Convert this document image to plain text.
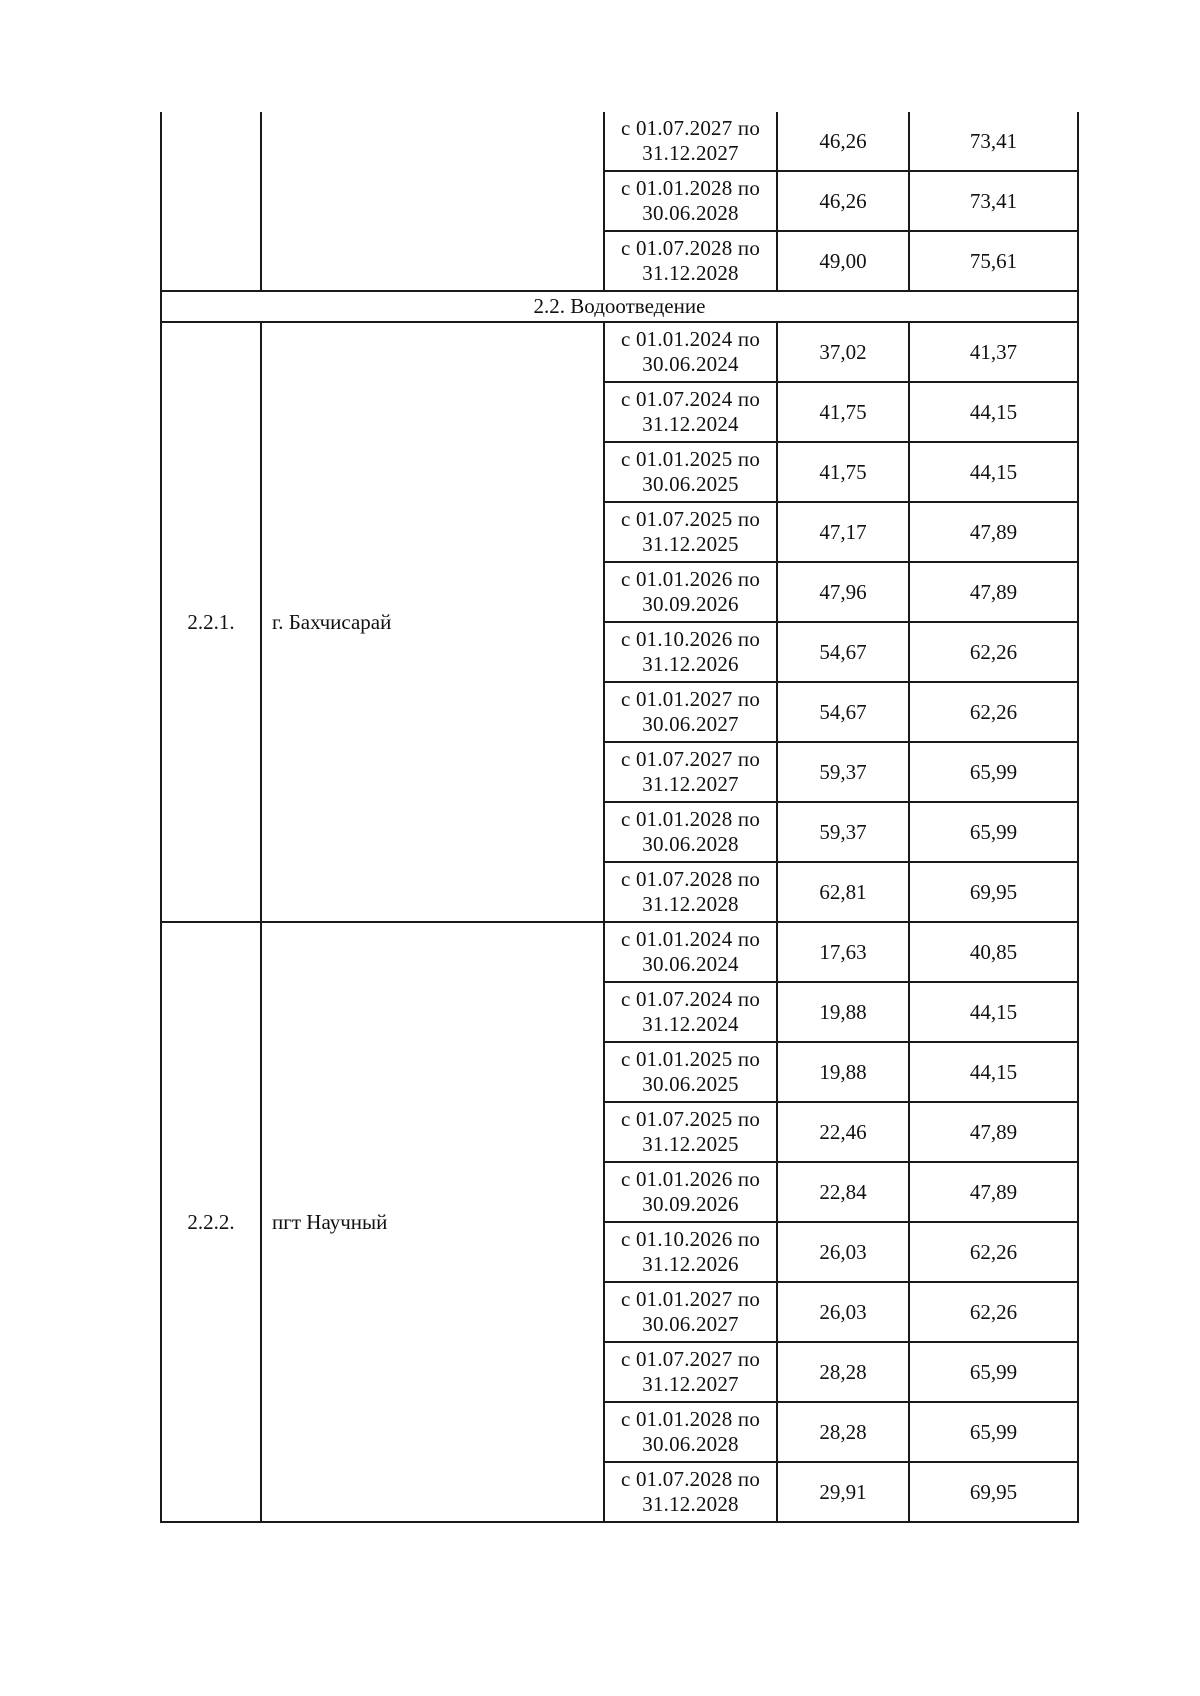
		с 01.07.2027 по
31.12.2027	46,26	73,41

		с 01.01.2028 по
30.06.2028	46,26	73,41

		с 01.07.2028 по
31.12.2028	49,00	75,61
2.2. Водоотведение				
2.2.1.	г. Бахчисарай	с 01.01.2024 по
30.06.2024	37,02	41,37

		с 01.07.2024 по
31.12.2024	41,75	44,15

		с 01.01.2025 по
30.06.2025	41,75	44,15

		с 01.07.2025 по
31.12.2025	47,17	47,89

		с 01.01.2026 по
30.09.2026	47,96	47,89

		с 01.10.2026 по
31.12.2026	54,67	62,26

		с 01.01.2027 по
30.06.2027	54,67	62,26

		с 01.07.2027 по
31.12.2027	59,37	65,99

		с 01.01.2028 по
30.06.2028	59,37	65,99

		с 01.07.2028 по
31.12.2028	62,81	69,95
2.2.2.	пгт Научный	с 01.01.2024 по
30.06.2024	17,63	40,85

		с 01.07.2024 по
31.12.2024	19,88	44,15

		с 01.01.2025 по
30.06.2025	19,88	44,15

		с 01.07.2025 по
31.12.2025	22,46	47,89

		с 01.01.2026 по
30.09.2026	22,84	47,89

		с 01.10.2026 по
31.12.2026	26,03	62,26

		с 01.01.2027 по
30.06.2027	26,03	62,26

		с 01.07.2027 по
31.12.2027	28,28	65,99

		с 01.01.2028 по
30.06.2028	28,28	65,99

		с 01.07.2028 по
31.12.2028	29,91	69,95
